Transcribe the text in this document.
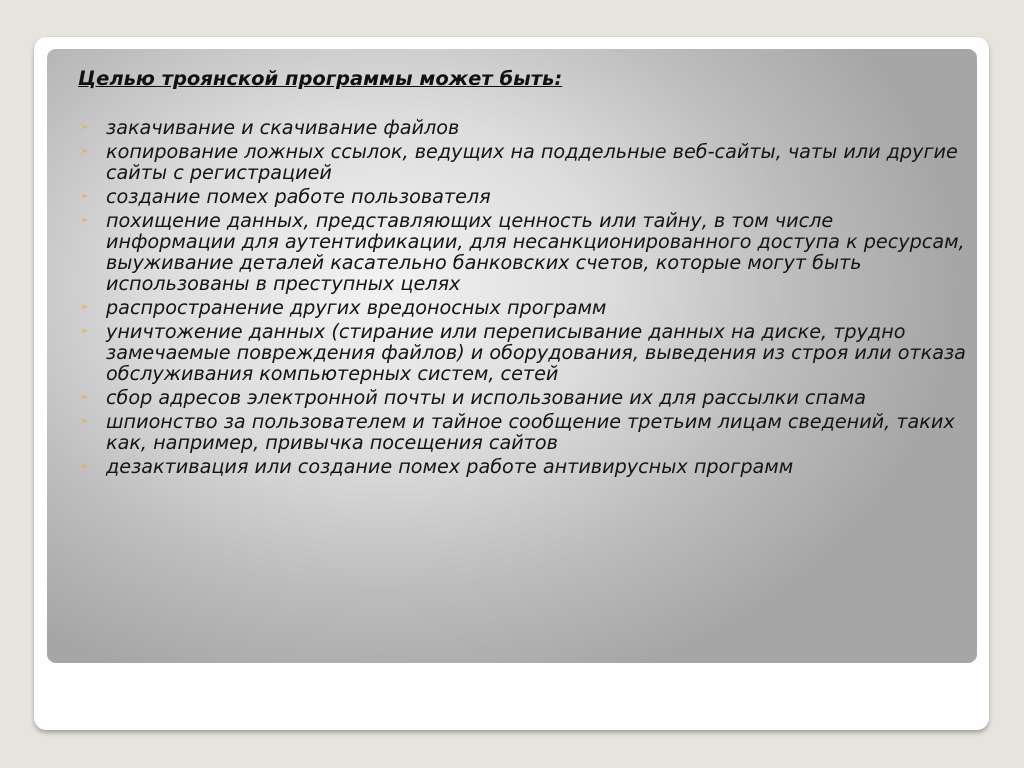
Целью троянской программы может быть:
➢ закачивание и скачивание файлов
➢ копирование ложных ссылок, ведущих на поддельные веб-сайты, чаты или другие сайты с регистрацией
➢ создание помех работе пользователя
➢ похищение данных, представляющих ценность или тайну, в том числе информации для аутентификации, для несанкционированного доступа к ресурсам, выуживание деталей касательно банковских счетов, которые могут быть использованы в преступных целях
➢ распространение других вредоносных программ
➢ уничтожение данных (стирание или переписывание данных на диске, трудно замечаемые повреждения файлов) и оборудования, выведения из строя или отказа обслуживания компьютерных систем, сетей
➢ сбор адресов электронной почты и использование их для рассылки спама
➢ шпионство за пользователем и тайное сообщение третьим лицам сведений, таких как, например, привычка посещения сайтов
➢ дезактивация или создание помех работе антивирусных программ
